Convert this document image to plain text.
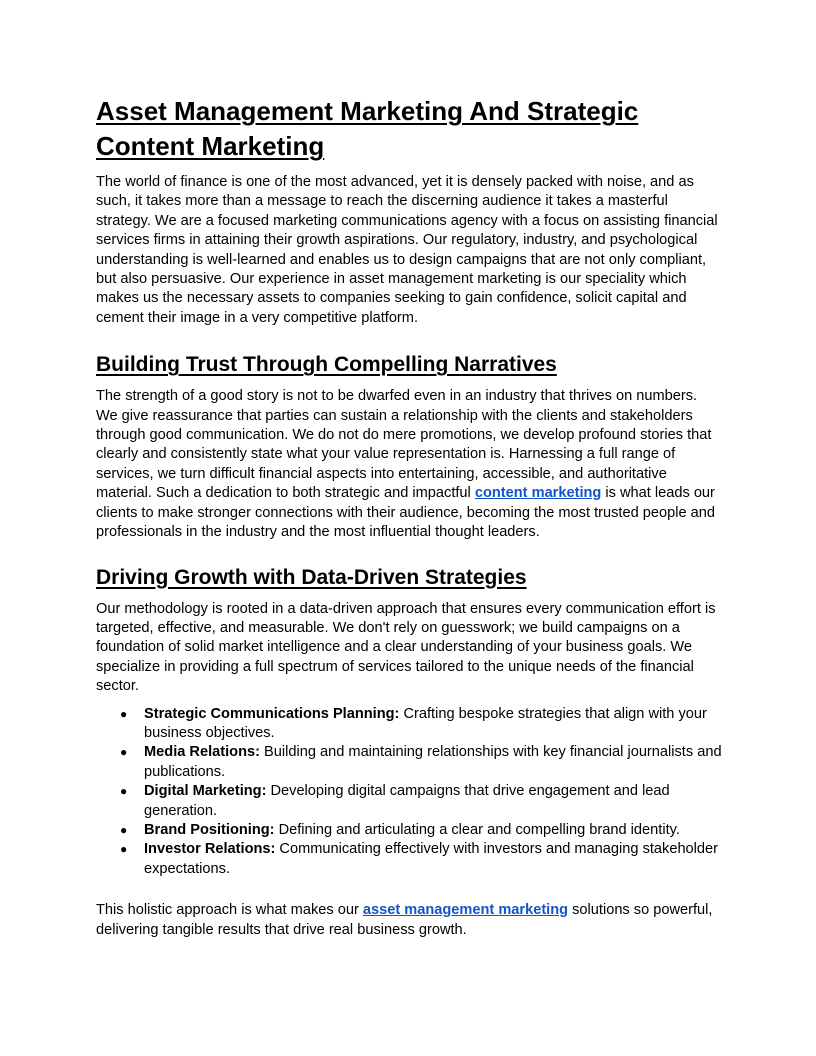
Asset Management Marketing And Strategic Content Marketing

The world of finance is one of the most advanced, yet it is densely packed with noise, and as such, it takes more than a message to reach the discerning audience it takes a masterful strategy. We are a focused marketing communications agency with a focus on assisting financial services firms in attaining their growth aspirations. Our regulatory, industry, and psychological understanding is well-learned and enables us to design campaigns that are not only compliant, but also persuasive. Our experience in asset management marketing is our speciality which makes us the necessary assets to companies seeking to gain confidence, solicit capital and cement their image in a very competitive platform.

Building Trust Through Compelling Narratives

The strength of a good story is not to be dwarfed even in an industry that thrives on numbers. We give reassurance that parties can sustain a relationship with the clients and stakeholders through good communication. We do not do mere promotions, we develop profound stories that clearly and consistently state what your value representation is. Harnessing a full range of services, we turn difficult financial aspects into entertaining, accessible, and authoritative material. Such a dedication to both strategic and impactful content marketing is what leads our clients to make stronger connections with their audience, becoming the most trusted people and professionals in the industry and the most influential thought leaders.

Driving Growth with Data-Driven Strategies

Our methodology is rooted in a data-driven approach that ensures every communication effort is targeted, effective, and measurable. We don't rely on guesswork; we build campaigns on a foundation of solid market intelligence and a clear understanding of your business goals. We specialize in providing a full spectrum of services tailored to the unique needs of the financial sector.

● Strategic Communications Planning: Crafting bespoke strategies that align with your business objectives.
● Media Relations: Building and maintaining relationships with key financial journalists and publications.
● Digital Marketing: Developing digital campaigns that drive engagement and lead generation.
● Brand Positioning: Defining and articulating a clear and compelling brand identity.
● Investor Relations: Communicating effectively with investors and managing stakeholder expectations.

This holistic approach is what makes our asset management marketing solutions so powerful, delivering tangible results that drive real business growth.
